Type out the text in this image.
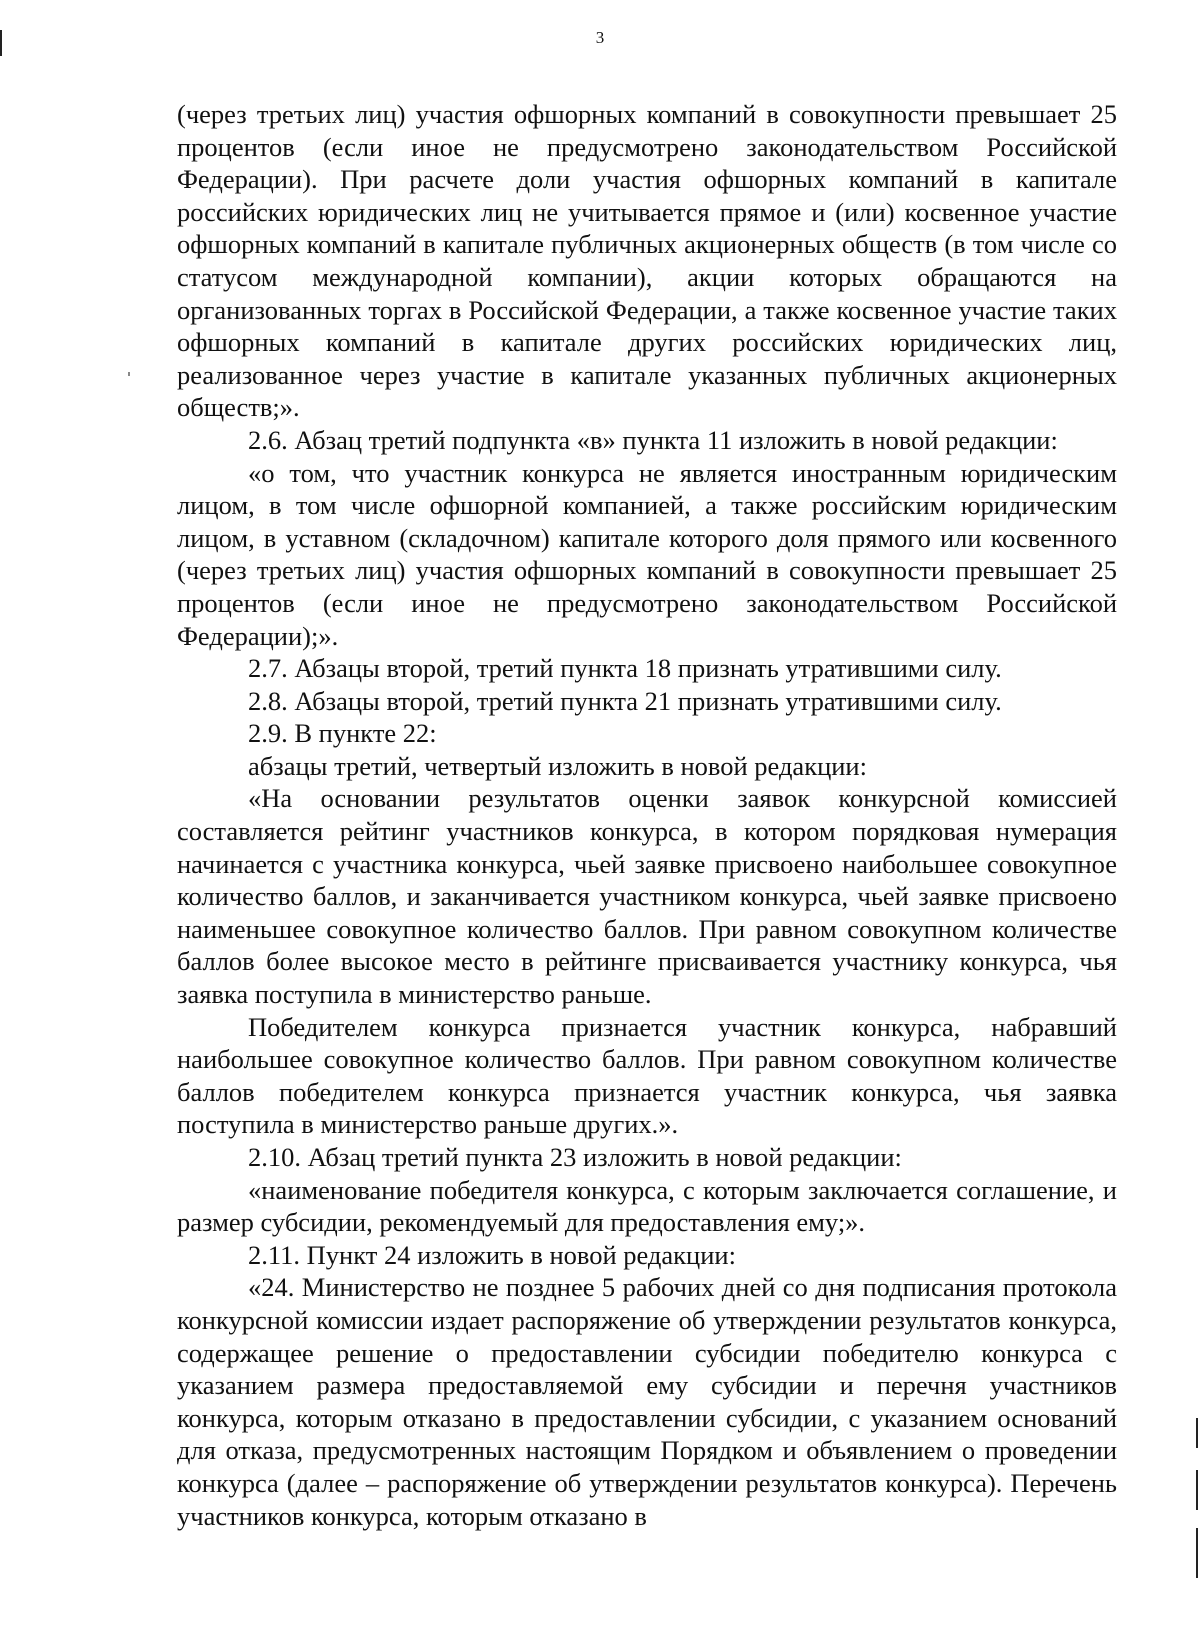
3

(через третьих лиц) участия офшорных компаний в совокупности превышает 25 процентов (если иное не предусмотрено законодательством Российской Федерации). При расчете доли участия офшорных компаний в капитале российских юридических лиц не учитывается прямое и (или) косвенное участие офшорных компаний в капитале публичных акционерных обществ (в том числе со статусом международной компании), акции которых обращаются на организованных торгах в Российской Федерации, а также косвенное участие таких офшорных компаний в капитале других российских юридических лиц, реализованное через участие в капитале указанных публичных акционерных обществ;».

2.6. Абзац третий подпункта «в» пункта 11 изложить в новой редакции:

«о том, что участник конкурса не является иностранным юридическим лицом, в том числе офшорной компанией, а также российским юридическим лицом, в уставном (складочном) капитале которого доля прямого или косвенного (через третьих лиц) участия офшорных компаний в совокупности превышает 25 процентов (если иное не предусмотрено законодательством Российской Федерации);».

2.7. Абзацы второй, третий пункта 18 признать утратившими силу.

2.8. Абзацы второй, третий пункта 21 признать утратившими силу.

2.9. В пункте 22:

абзацы третий, четвертый изложить в новой редакции:

«На основании результатов оценки заявок конкурсной комиссией составляется рейтинг участников конкурса, в котором порядковая нумерация начинается с участника конкурса, чьей заявке присвоено наибольшее совокупное количество баллов, и заканчивается участником конкурса, чьей заявке присвоено наименьшее совокупное количество баллов. При равном совокупном количестве баллов более высокое место в рейтинге присваивается участнику конкурса, чья заявка поступила в министерство раньше.

Победителем конкурса признается участник конкурса, набравший наибольшее совокупное количество баллов. При равном совокупном количестве баллов победителем конкурса признается участник конкурса, чья заявка поступила в министерство раньше других.».

2.10. Абзац третий пункта 23 изложить в новой редакции:

«наименование победителя конкурса, с которым заключается соглашение, и размер субсидии, рекомендуемый для предоставления ему;».

2.11. Пункт 24 изложить в новой редакции:

«24. Министерство не позднее 5 рабочих дней со дня подписания протокола конкурсной комиссии издает распоряжение об утверждении результатов конкурса, содержащее решение о предоставлении субсидии победителю конкурса с указанием размера предоставляемой ему субсидии и перечня участников конкурса, которым отказано в предоставлении субсидии, с указанием оснований для отказа, предусмотренных настоящим Порядком и объявлением о проведении конкурса (далее – распоряжение об утверждении результатов конкурса). Перечень участников конкурса, которым отказано в
